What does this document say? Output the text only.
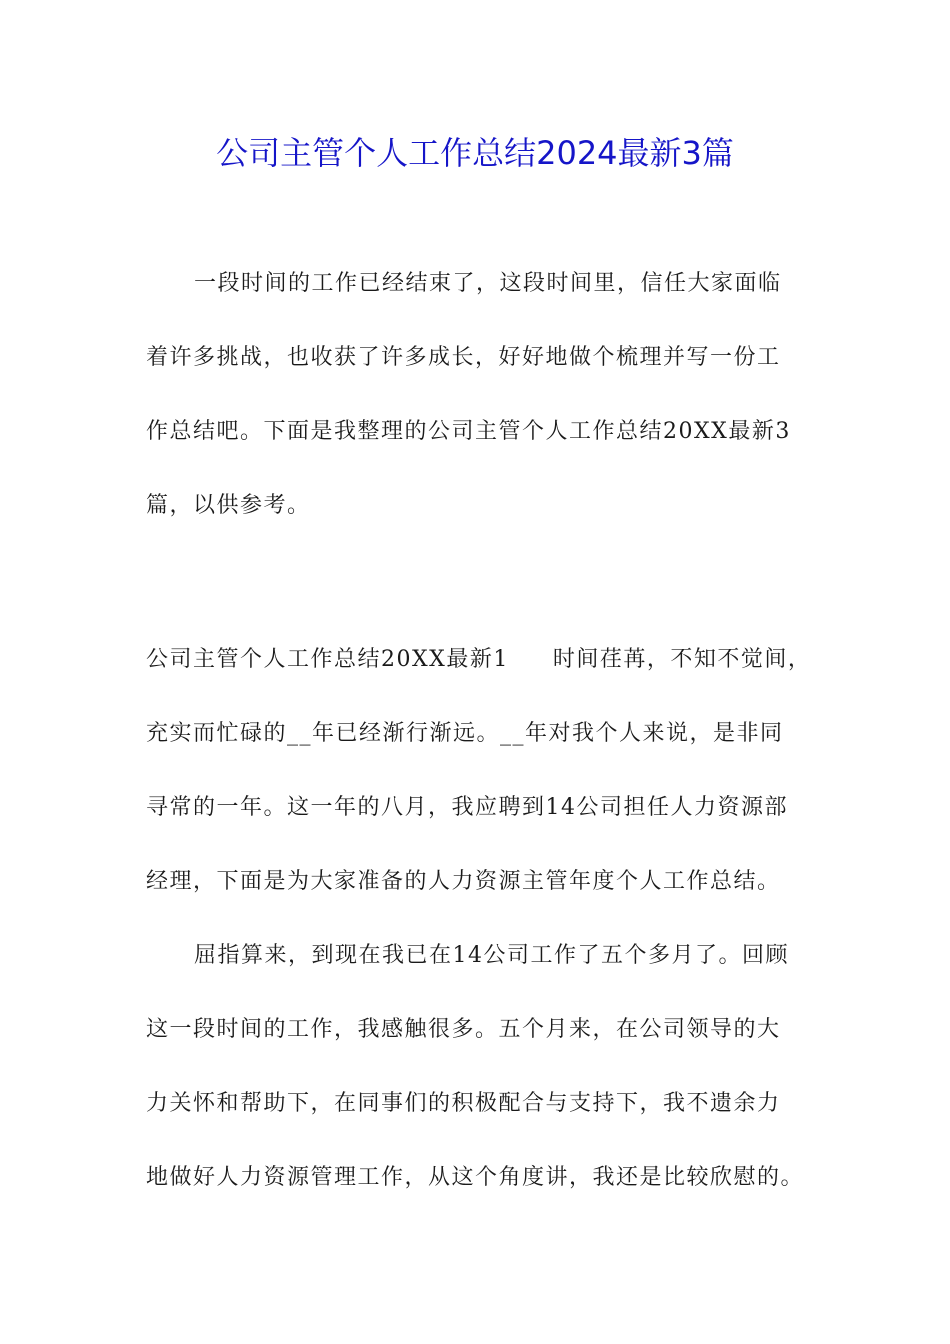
公司主管个人工作总结2024最新3篇

一段时间的工作已经结束了，这段时间里，信任大家面临

着许多挑战，也收获了许多成长，好好地做个梳理并写一份工

作总结吧。下面是我整理的公司主管个人工作总结20XX最新3

篇，以供参考。

公司主管个人工作总结20XX最新1 时间荏苒，不知不觉间，

充实而忙碌的__年已经渐行渐远。__年对我个人来说，是非同

寻常的一年。这一年的八月，我应聘到14公司担任人力资源部

经理，下面是为大家准备的人力资源主管年度个人工作总结。

屈指算来，到现在我已在14公司工作了五个多月了。回顾

这一段时间的工作，我感触很多。五个月来，在公司领导的大

力关怀和帮助下，在同事们的积极配合与支持下，我不遗余力

地做好人力资源管理工作，从这个角度讲，我还是比较欣慰的。
